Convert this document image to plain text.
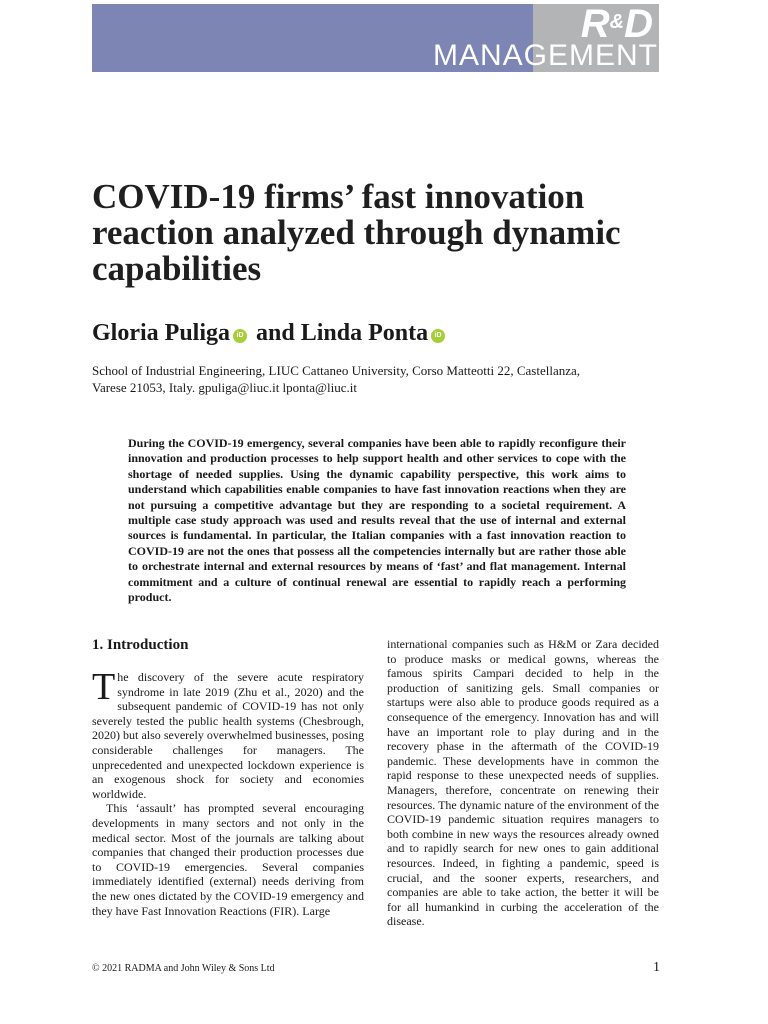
R&D
MANAGEMENT
COVID-19 firms’ fast innovation reaction analyzed through dynamic capabilities
Gloria Puliga iD and Linda Ponta iD

School of Industrial Engineering, LIUC Cattaneo University, Corso Matteotti 22, Castellanza, Varese 21053, Italy. gpuliga@liuc.it lponta@liuc.it

During the COVID-19 emergency, several companies have been able to rapidly reconfigure their innovation and production processes to help support health and other services to cope with the shortage of needed supplies. Using the dynamic capability perspective, this work aims to understand which capabilities enable companies to have fast innovation reactions when they are not pursuing a competitive advantage but they are responding to a societal requirement. A multiple case study approach was used and results reveal that the use of internal and external sources is fundamental. In particular, the Italian companies with a fast innovation reaction to COVID-19 are not the ones that possess all the competencies internally but are rather those able to orchestrate internal and external resources by means of ‘fast’ and flat management. Internal commitment and a culture of continual renewal are essential to rapidly reach a performing product.

1. Introduction

The discovery of the severe acute respiratory syndrome in late 2019 (Zhu et al., 2020) and the subsequent pandemic of COVID-19 has not only severely tested the public health systems (Chesbrough, 2020) but also severely overwhelmed businesses, posing considerable challenges for managers. The unprecedented and unexpected lockdown experience is an exogenous shock for society and economies worldwide.

This ‘assault’ has prompted several encouraging developments in many sectors and not only in the medical sector. Most of the journals are talking about companies that changed their production processes due to COVID-19 emergencies. Several companies immediately identified (external) needs deriving from the new ones dictated by the COVID-19 emergency and they have Fast Innovation Reactions (FIR). Large

international companies such as H&M or Zara decided to produce masks or medical gowns, whereas the famous spirits Campari decided to help in the production of sanitizing gels. Small companies or startups were also able to produce goods required as a consequence of the emergency. Innovation has and will have an important role to play during and in the recovery phase in the aftermath of the COVID-19 pandemic. These developments have in common the rapid response to these unexpected needs of supplies. Managers, therefore, concentrate on renewing their resources. The dynamic nature of the environment of the COVID-19 pandemic situation requires managers to both combine in new ways the resources already owned and to rapidly search for new ones to gain additional resources. Indeed, in fighting a pandemic, speed is crucial, and the sooner experts, researchers, and companies are able to take action, the better it will be for all humankind in curbing the acceleration of the disease.

© 2021 RADMA and John Wiley & Sons Ltd	1
